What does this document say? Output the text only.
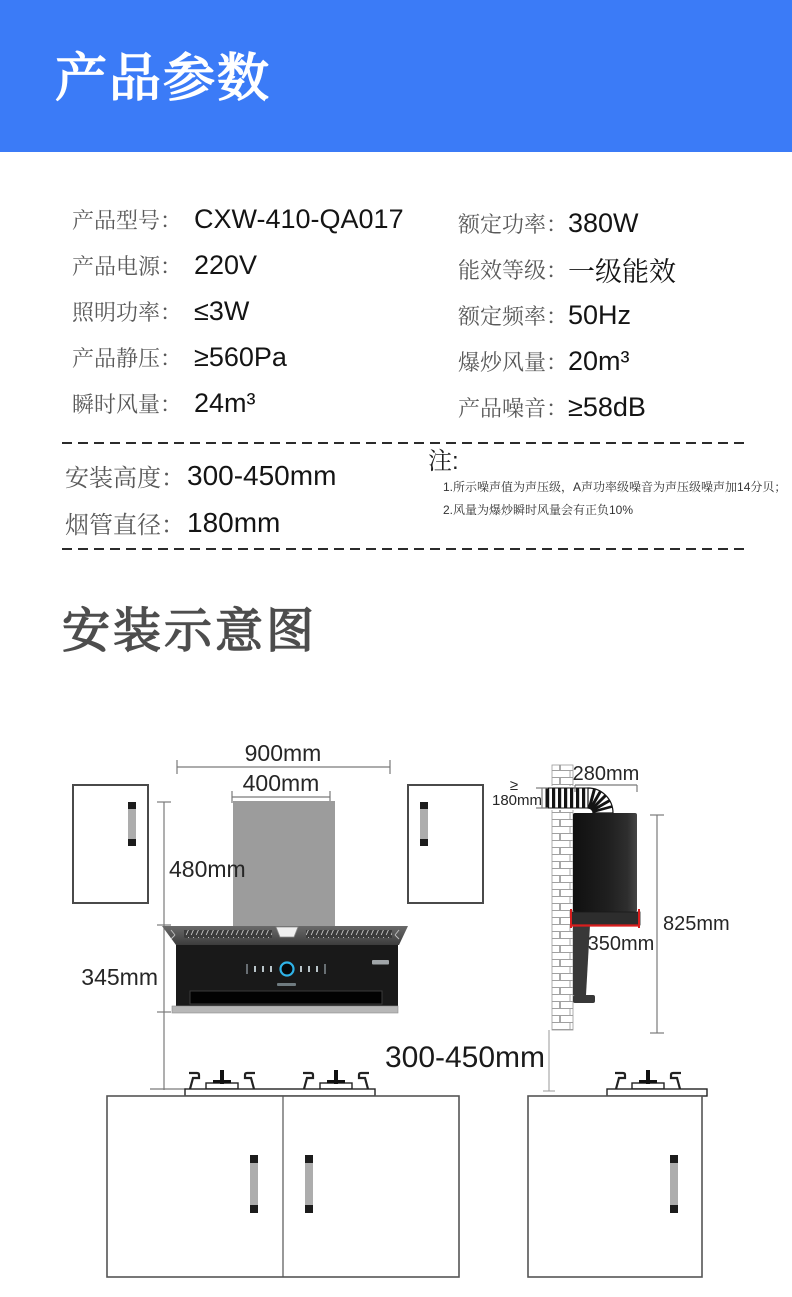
产品参数
产品型号： CXW-410-QA017
产品电源： 220V
照明功率： ≤3W
产品静压： ≥560Pa
瞬时风量： 24m³
额定功率： 380W
能效等级： 一级能效
额定频率： 50Hz
爆炒风量： 20m³
产品噪音： ≥58dB
安装高度： 300-450mm
烟管直径： 180mm

注:

1.所示噪声值为声压级，A声功率级噪音为声压级噪声加14分贝；
2.风量为爆炒瞬时风量会有正负10%
安装示意图
900mm
400mm
480mm
345mm
300-450mm
≥
180mm
280mm
350mm
825mm
